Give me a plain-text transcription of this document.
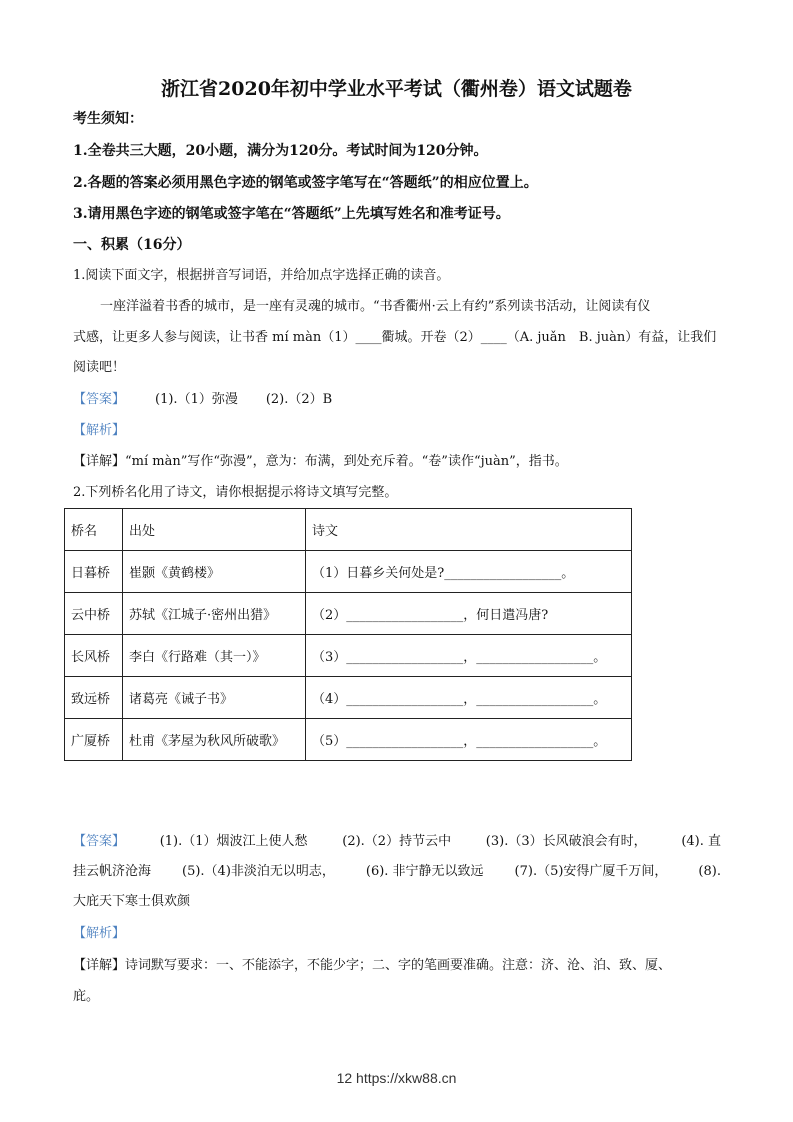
浙江省2020年初中学业水平考试（衢州卷）语文试题卷
考生须知：
1.全卷共三大题，20小题，满分为120分。考试时间为120分钟。
2.各题的答案必须用黑色字迹的钢笔或签字笔写在“答题纸”的相应位置上。
3.请用黑色字迹的钢笔或签字笔在“答题纸”上先填写姓名和准考证号。
一、积累（16分）
1.阅读下面文字，根据拼音写词语，并给加点字选择正确的读音。
一座洋溢着书香的城市，是一座有灵魂的城市。“书香衢州·云上有约”系列读书活动，让阅读有仪
式感，让更多人参与阅读，让书香 mí màn（1）____衢城。开卷（2）____（A. juǎn　B. juàn）有益，让我们
阅读吧！
【答案】 (1).（1）弥漫 (2).（2）B
【解析】
【详解】“mí màn”写作“弥漫”，意为：布满，到处充斥着。“卷”读作“juàn”，指书。
2.下列桥名化用了诗文，请你根据提示将诗文填写完整。
桥名	出处	诗文
日暮桥	崔颢《黄鹤楼》	（1）日暮乡关何处是?__________________。
云中桥	苏轼《江城子·密州出猎》	（2）__________________，何日遣冯唐?
长风桥	李白《行路难（其一）》	（3）__________________，__________________。
致远桥	诸葛亮《诫子书》	（4）__________________，__________________。
广厦桥	杜甫《茅屋为秋风所破歌》	（5）__________________，__________________。
【答案】	(1).（1）烟波江上使人愁	(2).（2）持节云中	(3).（3）长风破浪会有时，	(4). 直
挂云帆济沧海 (5).（4)非淡泊无以明志， (6). 非宁静无以致远 (7).（5)安得广厦千万间， (8).
大庇天下寒士俱欢颜
【解析】
【详解】诗词默写要求：一、不能添字，不能少字；二、字的笔画要准确。注意：济、沧、泊、致、厦、
庇。
12 https://xkw88.cn
